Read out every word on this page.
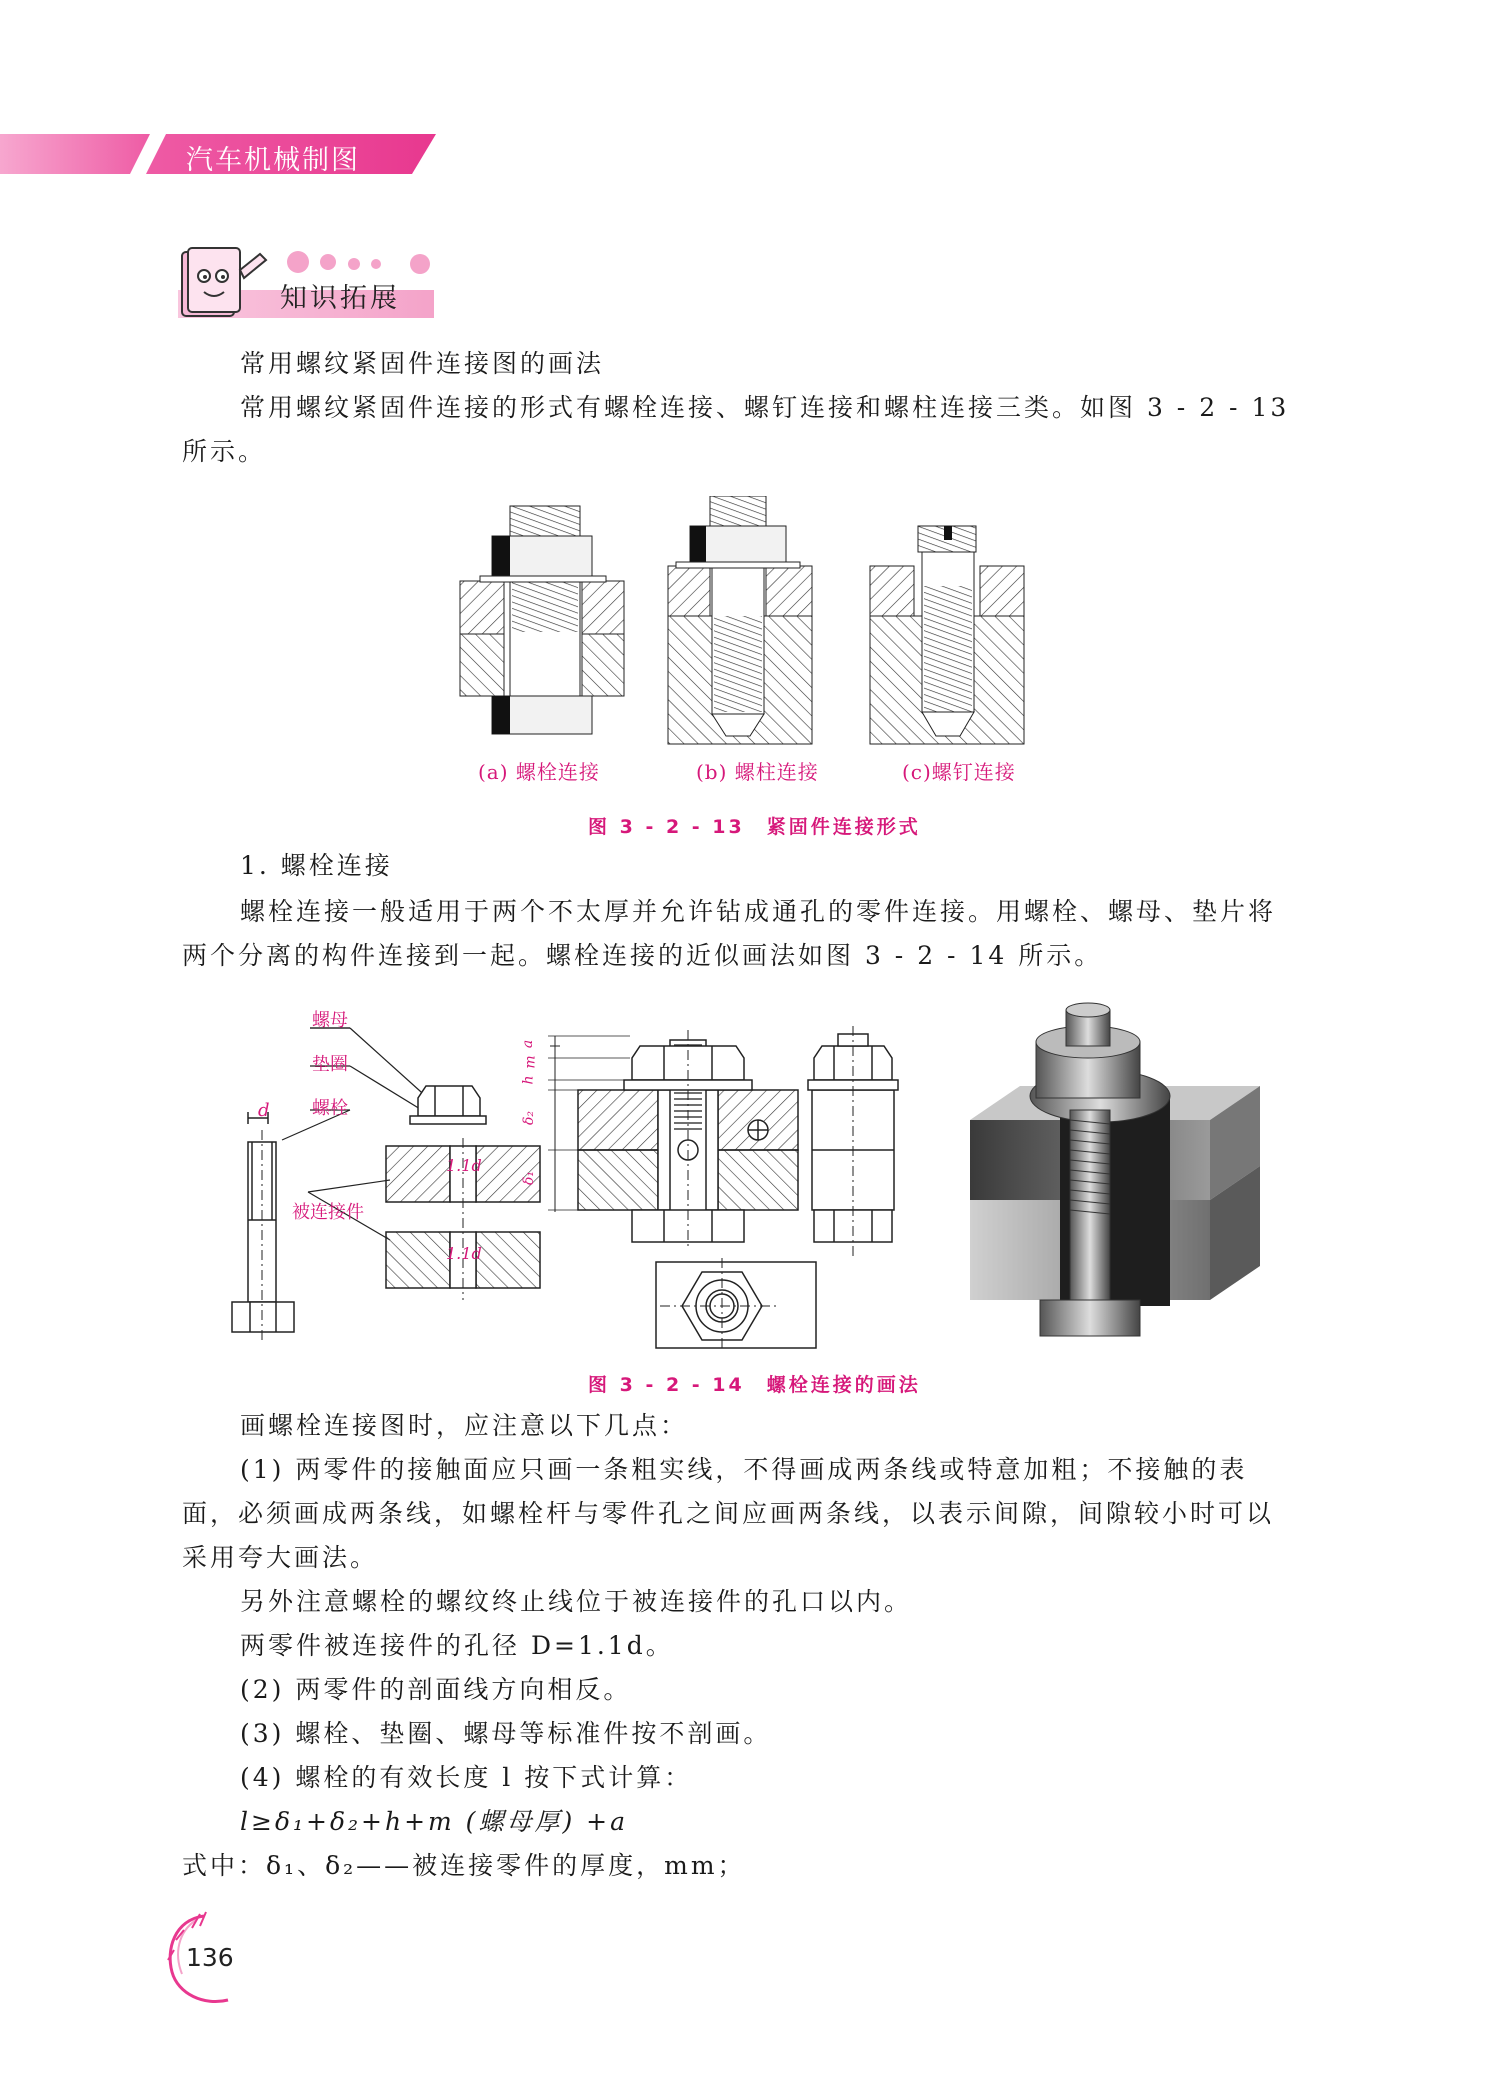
汽车机械制图
知识拓展
常用螺纹紧固件连接图的画法
常用螺纹紧固件连接的形式有螺栓连接、螺钉连接和螺柱连接三类。如图 3 - 2 - 13
所示。
(a) 螺栓连接	(b) 螺柱连接	(c)螺钉连接
图 3 - 2 - 13　紧固件连接形式
1. 螺栓连接
螺栓连接一般适用于两个不太厚并允许钻成通孔的零件连接。用螺栓、螺母、垫片将
两个分离的构件连接到一起。螺栓连接的近似画法如图 3 - 2 - 14 所示。
螺母
垫圈
螺栓
d
被连接件
1.1d
1.1d
a
m
h
δ₂
δ₁
图 3 - 2 - 14　螺栓连接的画法
画螺栓连接图时，应注意以下几点：
(1) 两零件的接触面应只画一条粗实线，不得画成两条线或特意加粗；不接触的表
面，必须画成两条线，如螺栓杆与零件孔之间应画两条线，以表示间隙，间隙较小时可以
采用夸大画法。
另外注意螺栓的螺纹终止线位于被连接件的孔口以内。
两零件被连接件的孔径 D=1.1d。
(2) 两零件的剖面线方向相反。
(3) 螺栓、垫圈、螺母等标准件按不剖画。
(4) 螺栓的有效长度 l 按下式计算：
l≥δ₁+δ₂+h+m (螺母厚) +a
式中：δ₁、δ₂——被连接零件的厚度，mm；
136
